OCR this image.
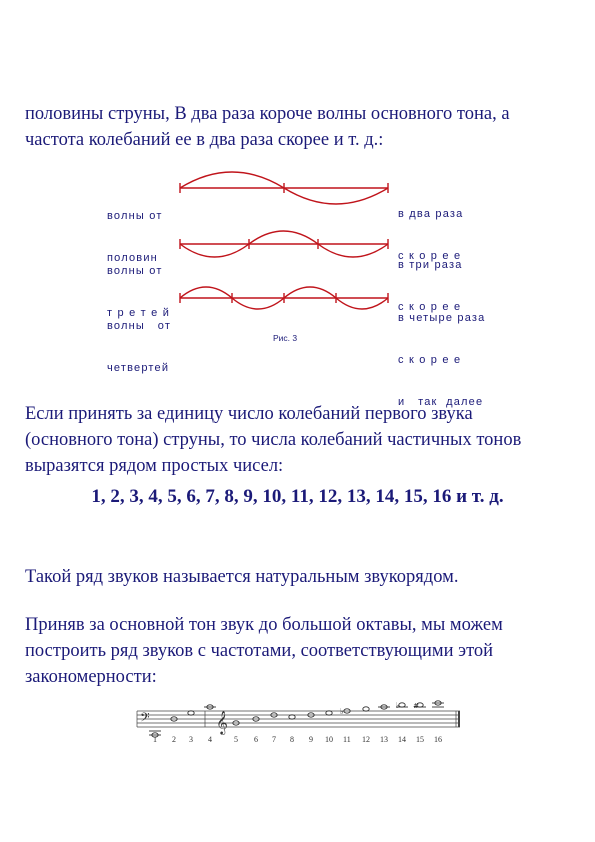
половины струны, В два раза короче волны основного тона, а
частота колебаний ее в два раза скорее и т. д.:

волны от

половин

в два раза

с к о р е е

волны от

т р е т е й

в три раза

с к о р е е

волны   от

четвертей

в четыре раза

с к о р е е

и   так  далее

Рис. 3

Если принять за единицу число колебаний первого звука
(основного тона) струны, то числа колебаний частичных тонов
выразятся рядом простых чисел:

1, 2, 3, 4, 5, 6, 7, 8, 9, 10, 11, 12, 13, 14, 15, 16 и т. д.

Такой ряд звуков называется натуральным звукорядом.

Приняв за основной тон звук до большой октавы, мы можем
построить ряд звуков с частотами, соответствующими этой
закономерности:

𝄢	𝄞	♭
♭ #
1 2 3 4	5 6 7 8 9 10 11 12 13 14 15 16
